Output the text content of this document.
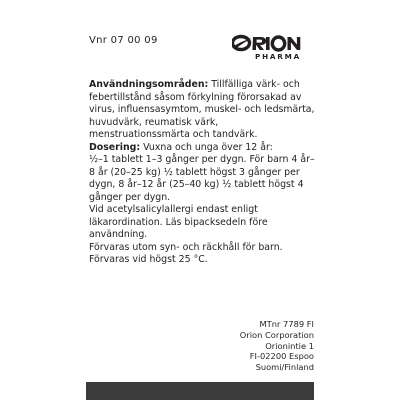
Vnr 07 00 09
PHARMA

Användningsområden: Tillfälliga värk- och febertillstånd såsom förkylning förorsakad av virus, influensasymtom, muskel- och ledsmärta, huvudvärk, reumatisk värk, menstruationssmärta och tandvärk.

Dosering: Vuxna och unga över 12 år:

½–1 tablett 1–3 gånger per dygn. För barn 4 år–8 år (20–25 kg) ½ tablett högst 3 gånger per dygn, 8 år–12 år (25–40 kg) ½ tablett högst 4 gånger per dygn.

Vid acetylsalicylallergi endast enligt läkarordination. Läs bipacksedeln före användning.

Förvaras utom syn- och räckhåll för barn.

Förvaras vid högst 25 °C.

MTnr 7789 FI
Orion Corporation
Orionintie 1
FI-02200 Espoo
Suomi/Finland
